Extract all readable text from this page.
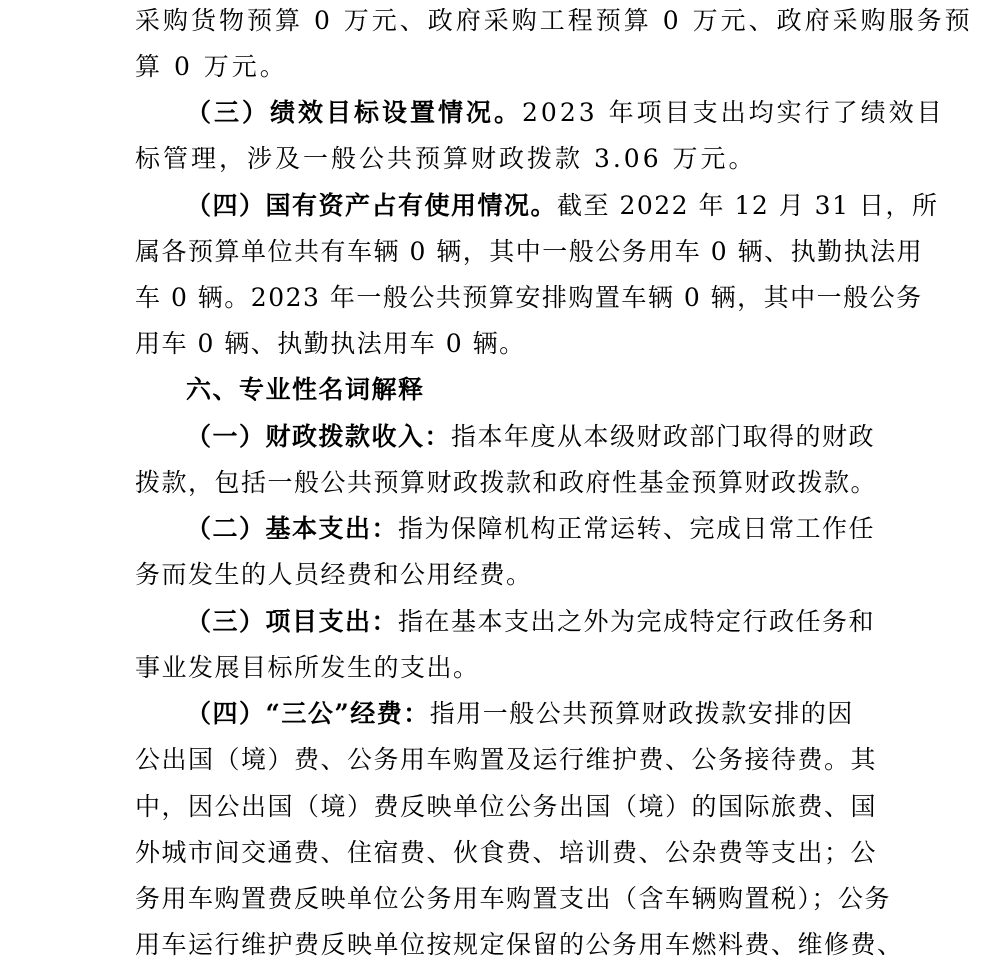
采购货物预算 0 万元、政府采购工程预算 0 万元、政府采购服务预
算 0 万元。
（三）绩效目标设置情况。2023 年项目支出均实行了绩效目
标管理，涉及一般公共预算财政拨款 3.06 万元。
（四）国有资产占有使用情况。截至 2022 年 12 月 31 日，所
属各预算单位共有车辆 0 辆，其中一般公务用车 0 辆、执勤执法用
车 0 辆。2023 年一般公共预算安排购置车辆 0 辆，其中一般公务
用车 0 辆、执勤执法用车 0 辆。
六、专业性名词解释
（一）财政拨款收入：指本年度从本级财政部门取得的财政
拨款，包括一般公共预算财政拨款和政府性基金预算财政拨款。
（二）基本支出：指为保障机构正常运转、完成日常工作任
务而发生的人员经费和公用经费。
（三）项目支出：指在基本支出之外为完成特定行政任务和
事业发展目标所发生的支出。
（四）“三公”经费：指用一般公共预算财政拨款安排的因
公出国（境）费、公务用车购置及运行维护费、公务接待费。其
中，因公出国（境）费反映单位公务出国（境）的国际旅费、国
外城市间交通费、住宿费、伙食费、培训费、公杂费等支出；公
务用车购置费反映单位公务用车购置支出（含车辆购置税）；公务
用车运行维护费反映单位按规定保留的公务用车燃料费、维修费、
